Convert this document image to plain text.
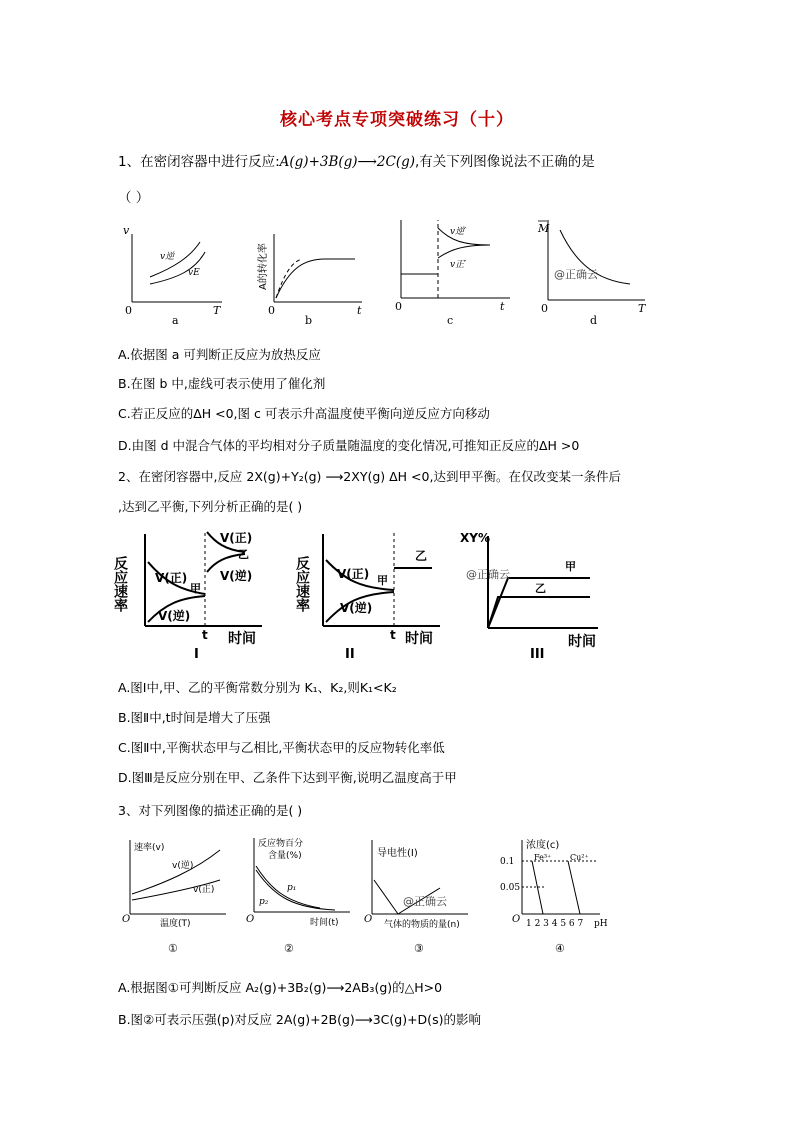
核心考点专项突破练习（十）
1、在密闭容器中进行反应:A(g)+3B(g)⟶2C(g),有关下列图像说法不正确的是
（ ）
v
T
0
v逆
vE
a
A的转化率
t
0
b
t
0
v逆′
v正′
c
M
T
0
@正确云
d
A.依据图 a 可判断正反应为放热反应
B.在图 b 中,虚线可表示使用了催化剂
C.若正反应的ΔH <0,图 c 可表示升高温度使平衡向逆反应方向移动
D.由图 d 中混合气体的平均相对分子质量随温度的变化情况,可推知正反应的ΔH >0
2、在密闭容器中,反应 2X(g)+Y₂(g) ⟶2XY(g) ΔH <0,达到甲平衡。在仅改变某一条件后
,达到乙平衡,下列分析正确的是( )
反应速率 V(正)
V(逆)
甲
V(正)
乙
V(逆)
t 时间
I
反应速率 V(正)
V(逆)
甲
乙
t 时间
II
XY%
甲
乙
@正确云
时间
III
A.图Ⅰ中,甲、乙的平衡常数分别为 K₁、K₂,则K₁<K₂
B.图Ⅱ中,t时间是增大了压强
C.图Ⅱ中,平衡状态甲与乙相比,平衡状态甲的反应物转化率低
D.图Ⅲ是反应分别在甲、乙条件下达到平衡,说明乙温度高于甲
3、对下列图像的描述正确的是( )
速率(v)
O	温度(T)
v(逆)
v(正)
①
反应物百分
含量(%)
O	时间(t)
p₁
p₂
②
导电性(I)
O 气体的物质的量(n)
@正确云
③
浓度(c)
O
0.1
0.05
Fe³⁺ Cu²⁺
1 2 3 4 5 6 7 pH
④
A.根据图①可判断反应 A₂(g)+3B₂(g)⟶2AB₃(g)的△H>0
B.图②可表示压强(p)对反应 2A(g)+2B(g)⟶3C(g)+D(s)的影响
